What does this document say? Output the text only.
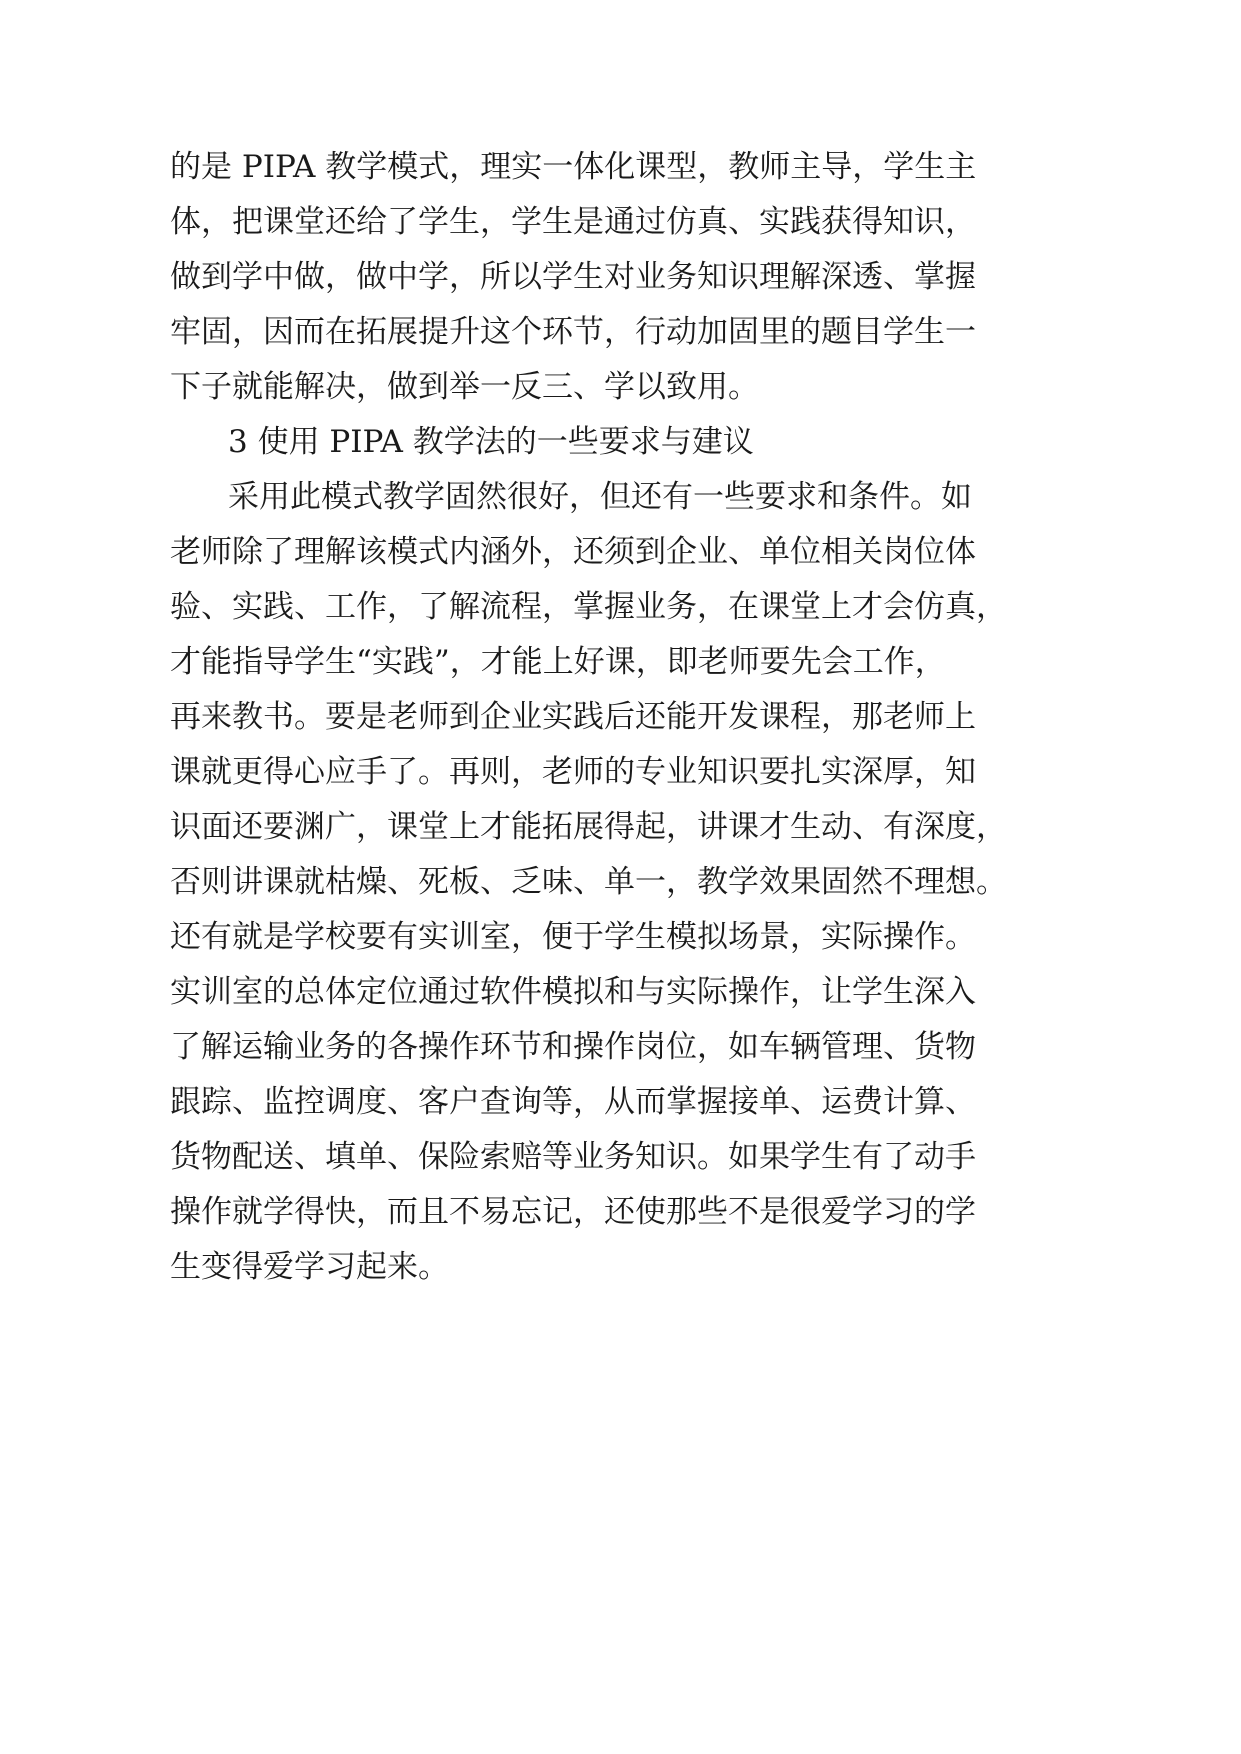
的是 PIPA 教学模式，理实一体化课型，教师主导，学生主

体，把课堂还给了学生，学生是通过仿真、实践获得知识，

做到学中做，做中学，所以学生对业务知识理解深透、掌握

牢固，因而在拓展提升这个环节，行动加固里的题目学生一

下子就能解决，做到举一反三、学以致用。

3 使用 PIPA 教学法的一些要求与建议

采用此模式教学固然很好，但还有一些要求和条件。如

老师除了理解该模式内涵外，还须到企业、单位相关岗位体

验、实践、工作，了解流程，掌握业务，在课堂上才会仿真，

才能指导学生“实践”，才能上好课，即老师要先会工作，

再来教书。要是老师到企业实践后还能开发课程，那老师上

课就更得心应手了。再则，老师的专业知识要扎实深厚，知

识面还要渊广，课堂上才能拓展得起，讲课才生动、有深度，

否则讲课就枯燥、死板、乏味、单一，教学效果固然不理想。

还有就是学校要有实训室，便于学生模拟场景，实际操作。

实训室的总体定位通过软件模拟和与实际操作，让学生深入

了解运输业务的各操作环节和操作岗位，如车辆管理、货物

跟踪、监控调度、客户查询等，从而掌握接单、运费计算、

货物配送、填单、保险索赔等业务知识。如果学生有了动手

操作就学得快，而且不易忘记，还使那些不是很爱学习的学

生变得爱学习起来。
